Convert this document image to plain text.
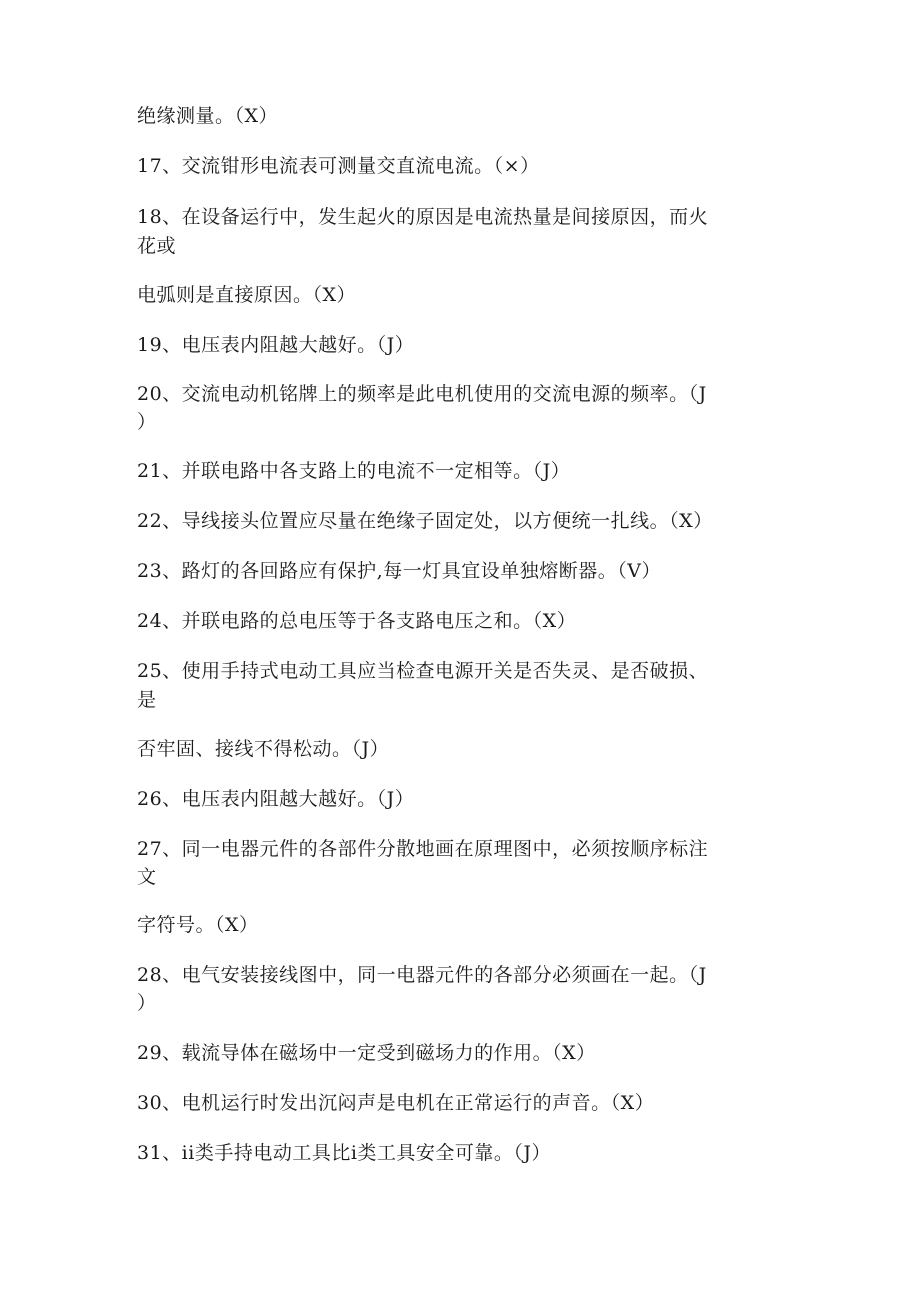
绝缘测量。（X）
17、交流钳形电流表可测量交直流电流。（×）
18、在设备运行中，发生起火的原因是电流热量是间接原因，而火
花或
电弧则是直接原因。（X）
19、电压表内阻越大越好。（J）
20、交流电动机铭牌上的频率是此电机使用的交流电源的频率。（J
）
21、并联电路中各支路上的电流不一定相等。（J）
22、导线接头位置应尽量在绝缘子固定处，以方便统一扎线。（X）
23、路灯的各回路应有保护,每一灯具宜设单独熔断器。（V）
24、并联电路的总电压等于各支路电压之和。（X）
25、使用手持式电动工具应当检查电源开关是否失灵、是否破损、
是
否牢固、接线不得松动。（J）
26、电压表内阻越大越好。（J）
27、同一电器元件的各部件分散地画在原理图中，必须按顺序标注
文
字符号。（X）
28、电气安装接线图中，同一电器元件的各部分必须画在一起。（J
）
29、载流导体在磁场中一定受到磁场力的作用。（X）
30、电机运行时发出沉闷声是电机在正常运行的声音。（X）
31、ii类手持电动工具比i类工具安全可靠。（J）
